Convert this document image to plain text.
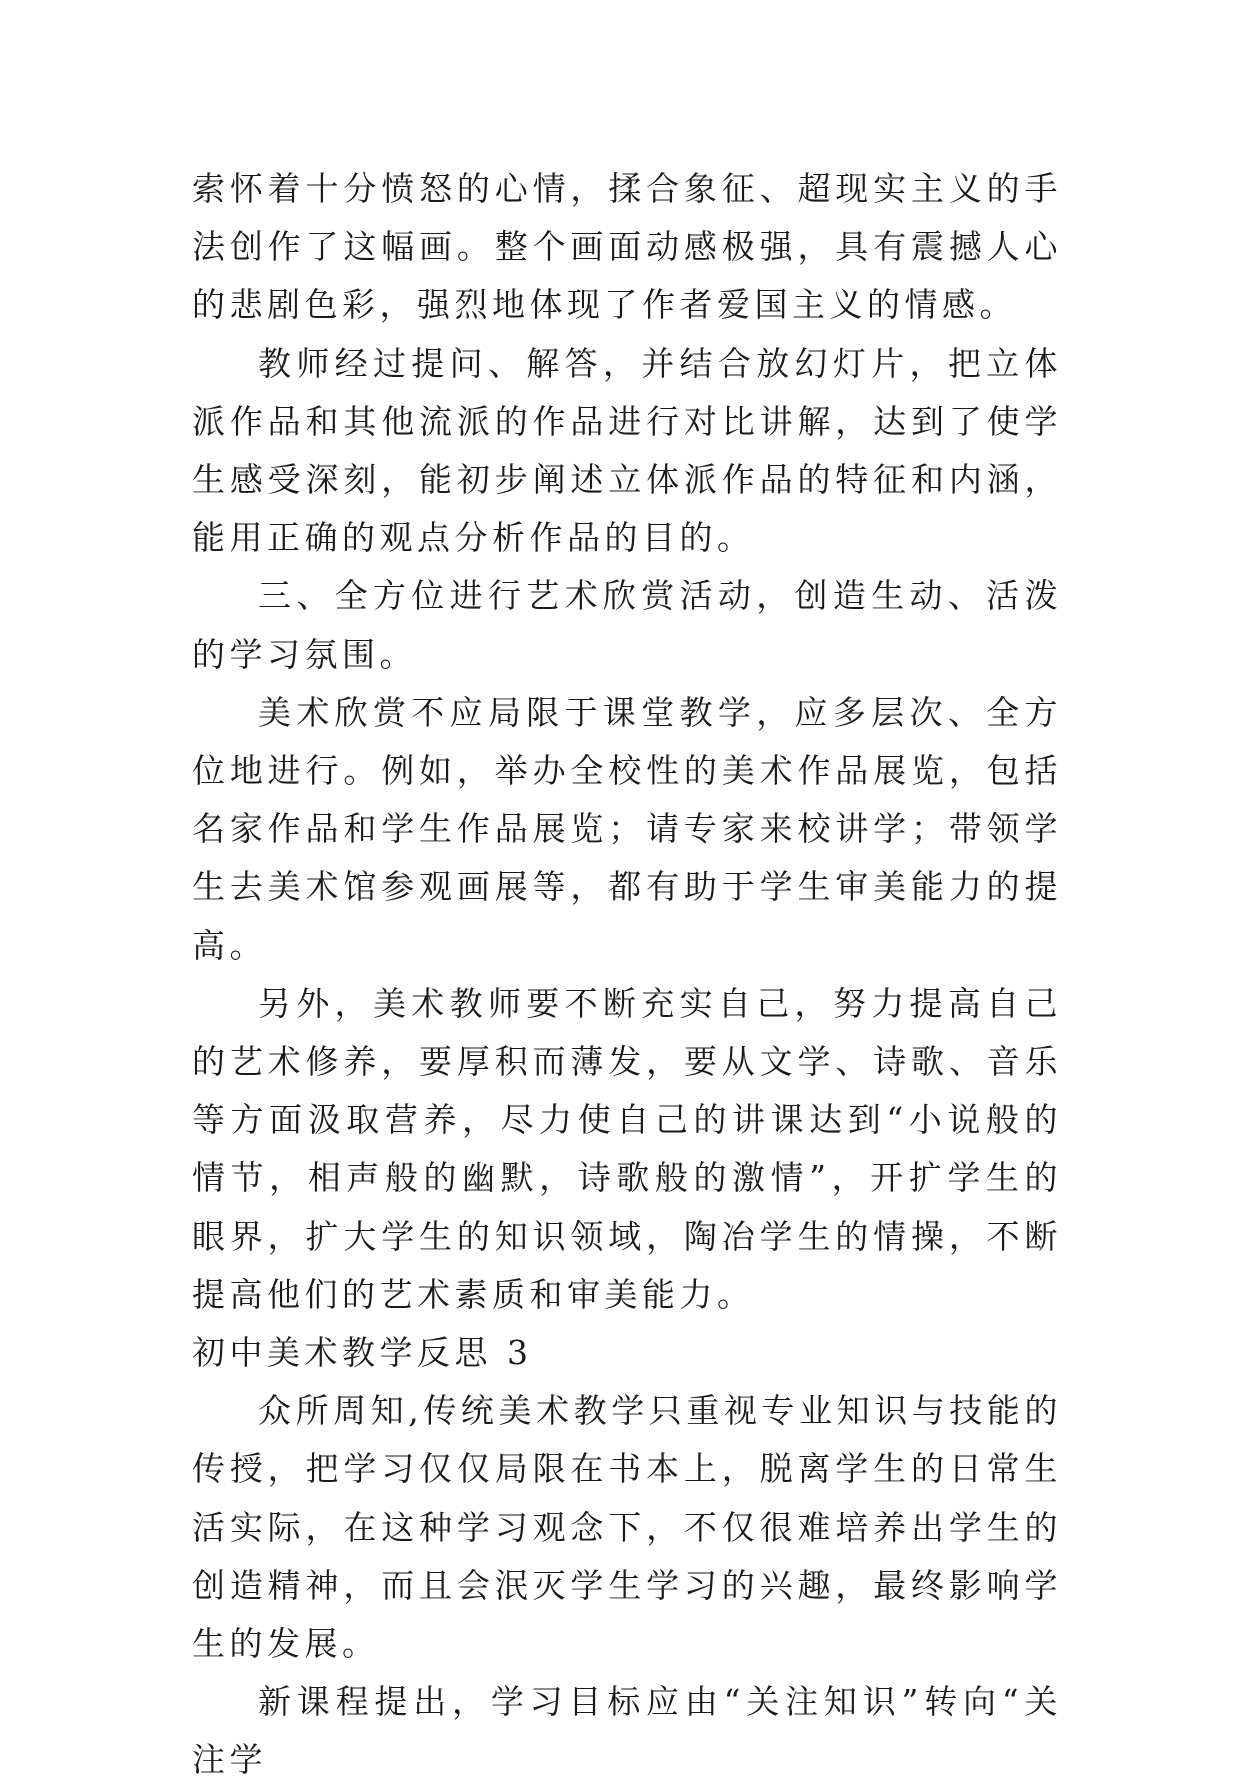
索怀着十分愤怒的心情，揉合象征、超现实主义的手法创作了这幅画。整个画面动感极强，具有震撼人心的悲剧色彩，强烈地体现了作者爱国主义的情感。

教师经过提问、解答，并结合放幻灯片，把立体派作品和其他流派的作品进行对比讲解，达到了使学生感受深刻，能初步阐述立体派作品的特征和内涵，能用正确的观点分析作品的目的。

三、全方位进行艺术欣赏活动，创造生动、活泼的学习氛围。

美术欣赏不应局限于课堂教学，应多层次、全方位地进行。例如，举办全校性的美术作品展览，包括名家作品和学生作品展览；请专家来校讲学；带领学生去美术馆参观画展等，都有助于学生审美能力的提高。

另外，美术教师要不断充实自己，努力提高自己的艺术修养，要厚积而薄发，要从文学、诗歌、音乐等方面汲取营养，尽力使自己的讲课达到“小说般的情节，相声般的幽默，诗歌般的激情”，开扩学生的眼界，扩大学生的知识领域，陶冶学生的情操，不断提高他们的艺术素质和审美能力。

初中美术教学反思 3

众所周知,传统美术教学只重视专业知识与技能的传授，把学习仅仅局限在书本上，脱离学生的日常生活实际，在这种学习观念下，不仅很难培养出学生的创造精神，而且会泯灭学生学习的兴趣，最终影响学生的发展。

新课程提出，学习目标应由“关注知识”转向“关注学
